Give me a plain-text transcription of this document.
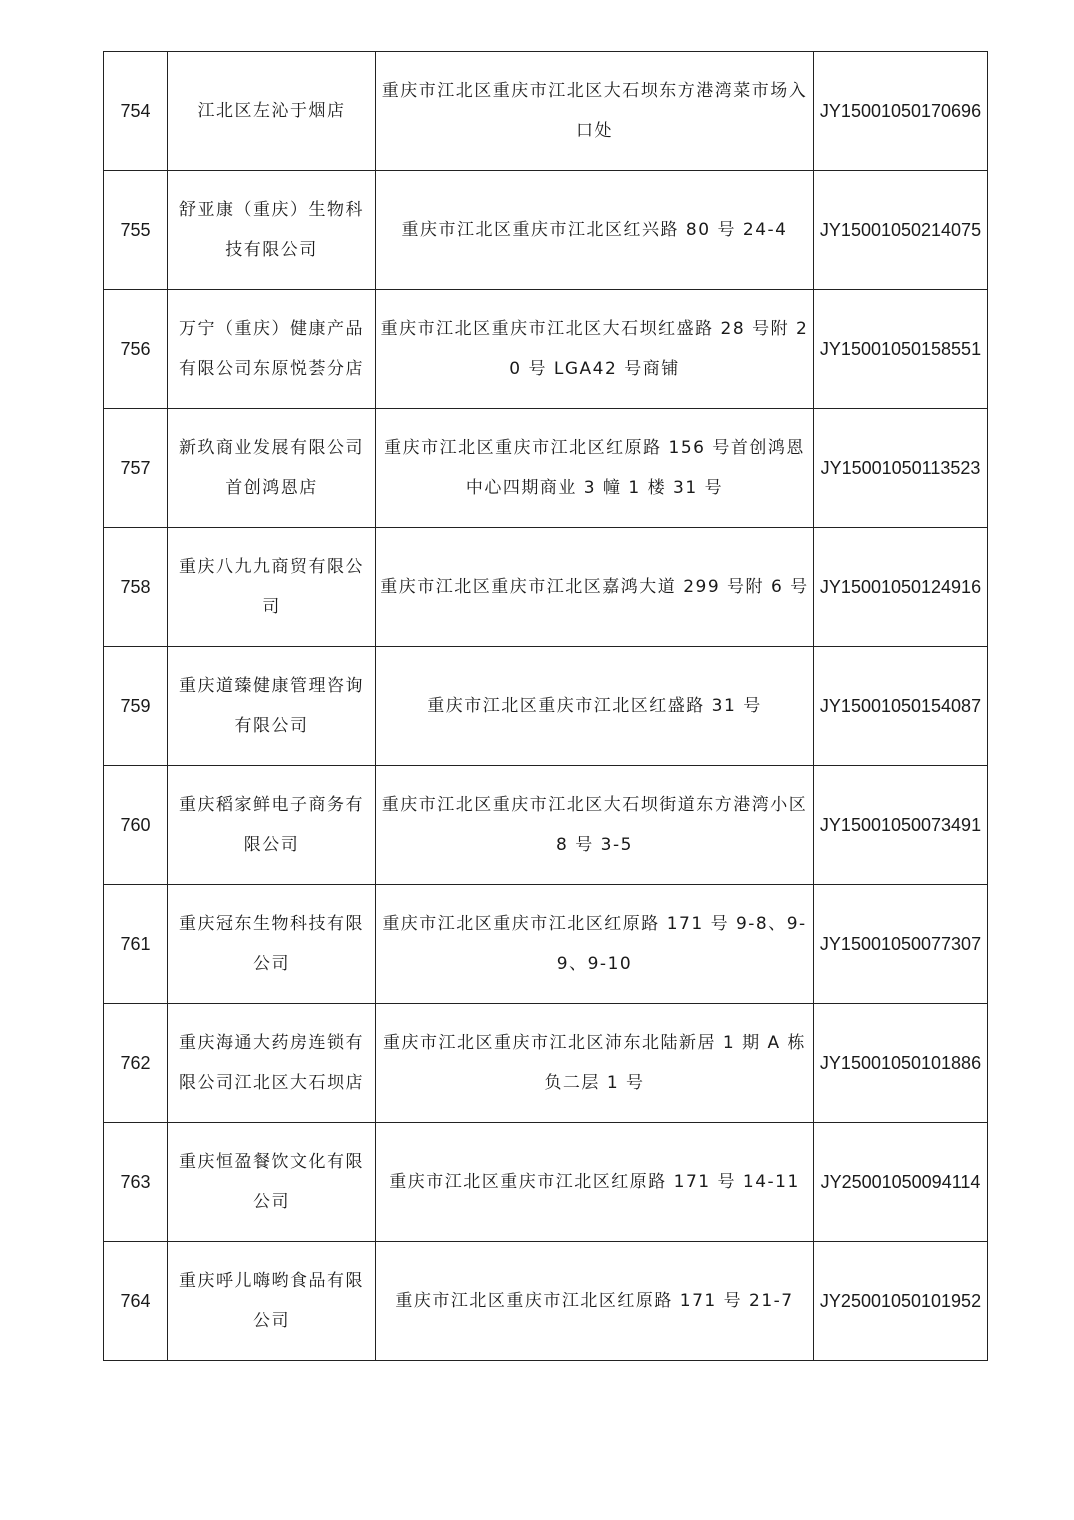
754	江北区左沁于烟店	重庆市江北区重庆市江北区大石坝东方港湾菜市场入口处	JY15001050170696
755	舒亚康（重庆）生物科技有限公司	重庆市江北区重庆市江北区红兴路 80 号 24-4	JY15001050214075
756	万宁（重庆）健康产品有限公司东原悦荟分店	重庆市江北区重庆市江北区大石坝红盛路 28 号附 20 号 LGA42 号商铺	JY15001050158551
757	新玖商业发展有限公司首创鸿恩店	重庆市江北区重庆市江北区红原路 156 号首创鸿恩中心四期商业 3 幢 1 楼 31 号	JY15001050113523
758	重庆八九九商贸有限公司	重庆市江北区重庆市江北区嘉鸿大道 299 号附 6 号	JY15001050124916
759	重庆道臻健康管理咨询有限公司	重庆市江北区重庆市江北区红盛路 31 号	JY15001050154087
760	重庆稻家鲜电子商务有限公司	重庆市江北区重庆市江北区大石坝街道东方港湾小区 8 号 3-5	JY15001050073491
761	重庆冠东生物科技有限公司	重庆市江北区重庆市江北区红原路 171 号 9-8、9-9、9-10	JY15001050077307
762	重庆海通大药房连锁有限公司江北区大石坝店	重庆市江北区重庆市江北区沛东北陆新居 1 期 A 栋负二层 1 号	JY15001050101886
763	重庆恒盈餐饮文化有限公司	重庆市江北区重庆市江北区红原路 171 号 14-11	JY25001050094114
764	重庆呼儿嗨哟食品有限公司	重庆市江北区重庆市江北区红原路 171 号 21-7	JY25001050101952
